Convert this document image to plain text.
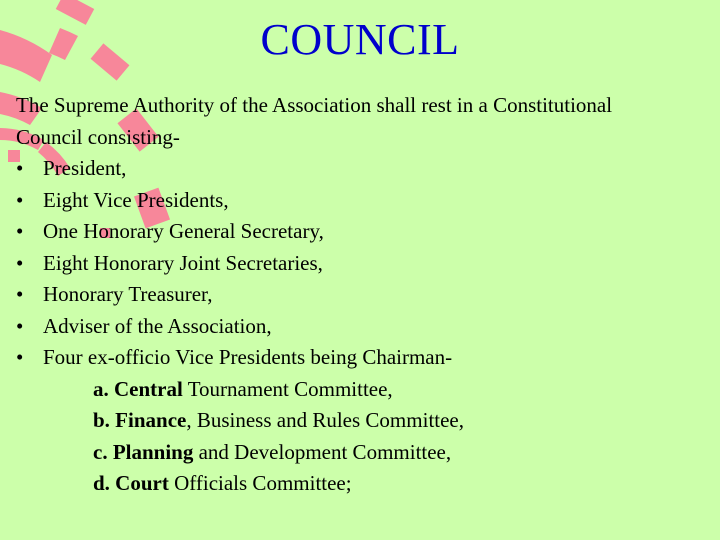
COUNCIL
The Supreme Authority of the Association shall rest in a Constitutional
Council consisting-
• President,
• Eight Vice Presidents,
• One Honorary General Secretary,
• Eight Honorary Joint Secretaries,
• Honorary Treasurer,
• Adviser of the Association,
• Four ex-officio Vice Presidents being Chairman-
a. Central Tournament Committee,
b. Finance, Business and Rules Committee,
c. Planning and Development Committee,
d. Court Officials Committee;
